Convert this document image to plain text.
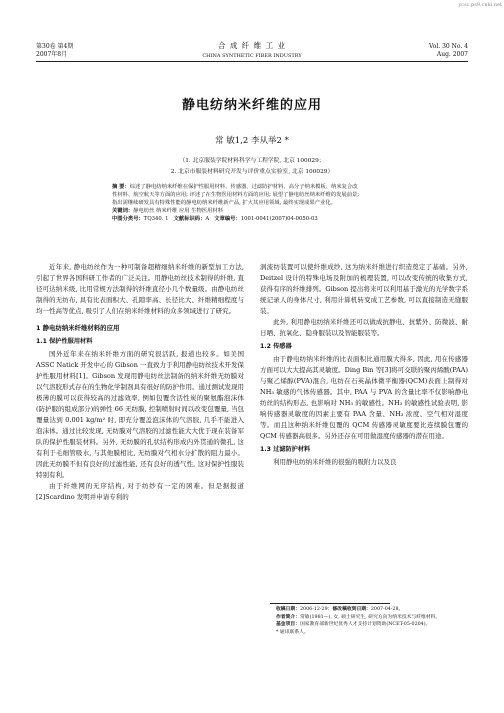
ycsc.ps9.cnki.net
第30卷 第4期
2007年8月
合 成 纤 维 工 业
CHINA SYNTHETIC FIBER INDUSTRY
Vol. 30 No. 4
Aug. 2007
静电纺纳米纤维的应用
常 敏1,2 李从举2 *
（1. 北京服装学院材料科学与工程学院, 北京 100029；
2. 北京市服装材料研究开发与评价重点实验室, 北京 100029）
摘 要：综述了静电纺纳米纤维在保护性服用材料、传感器、过滤防护材料、高分子纳米模板、纳米复合改
性材料、航空航天等方面的应用; 评述了在生物医用材料方面的应用; 展望了静电纺丝纳米纤维的发展前景;
指出需继续研发具有特殊性能的静电纺纳米纤维新产品, 扩大其应用领域, 最终实现成果产业化。
关键词：静电纺丝 纳米纤维 应用 生物医用材料
中图分类号：TQ340. 1 文献标识码：A 文章编号：1001-0041(2007)04-0050-03

近年来, 静电纺丝作为一种可制备超精细纳米纤维的新型加工方法, 引起了世界各国科研工作者的广泛关注。用静电纺丝技术制得的纤维, 直径可达纳米级, 比用常规方法制得的纤维直径小几个数量级。由静电纺丝制得的无纺布, 具有比表面积大、孔隙率高、长径比大、纤维精细程度与均一性高等优点, 吸引了人们在纳米纤维材料的众多领域进行了研究。

1 静电纺纳米纤维材料的应用
1.1 保护性服用材料

国外近年来在纳米纤维方面的研究很活跃, 报道也较多。如美国 ASSC Natick 开发中心的 Gibson 一直致力于利用静电纺丝技术开发保护性服用材料[1]。Gibson 发现用静电纺丝法制备的纳米纤维无纺膜对以气溶胶形式存在的生物化学制剂具有很好的防护作用。通过测试发现用极薄的膜可以获得较高的过滤效率, 例如包覆含活性炭的聚氨酯泡沫体(防护服的组成部分)的弹性 66 无纺膜, 控制喷射时间以改变包覆量, 当包覆量达到 0.001 kg/m² 时, 即充分覆盖泡沫体的气溶胶, 几乎不能进入泡沫体。通过比较发现, 无纺膜对气溶胶的过滤性能大大优于现在装备军队的保护性服装材料。另外, 无纺膜的孔状结构形成内外贯通的微孔, 这有利于毛细管吸水, 与其他膜相比, 无纺膜对气相水分扩散的阻力最小。因此无纺膜不但有良好的过滤性能, 还有良好的透气性, 这对保护性服装特别有利。

由于纤维网的无序结构, 对于纺纱有一定的困难。但是据报道[2]Scardino 发明并申请专利的

涡流纺装置可以使纤维成纱, 这为纳米纤维进行织造奠定了基础。另外, Deitzel 设计的特殊电场及附加的梳理装置, 可以改变传统的收集方式, 获得有序的纤维排列。Gibson 提出将来可以利用基于激光的光学数字系统记录人的身体尺寸, 利用计算机转变成工艺参数, 可以直接制造无缝服装。

此外, 利用静电纺纳米纤维还可以做成抗静电、抗紫外、防微波、耐日晒、抗氧化、隐身服装以及智能服装等。

1.2 传感器

由于静电纺纳米纤维的比表面积比通用膜大得多, 因此, 用在传感器方面可以大大提高其灵敏度。Ding Bin 等[3]将可交联的聚丙烯酸(PAA)与聚乙烯醇(PVA)混合, 电纺在石英晶体微平衡器(QCM)表面上制得对 NH₃ 敏感的气体传感器。其中, PAA 与 PVA 的含量比率不仅影响静电纺丝的结构形态, 也影响对 NH₃ 的敏感性。NH₃ 的敏感性试验表明, 影响传感器灵敏度的因素主要有 PAA 含量、NH₃ 浓度、空气相对湿度等。而且这种纳米纤维包覆的 QCM 传感器灵敏度要比连续膜包覆的 QCM 传感器高很多。另外还存在可用做湿度传感器的潜在用途。

1.3 过滤防护材料

利用静电纺纳米纤维的很强的吸附力以及良

收稿日期：2006-12-29；修改稿收到日期：2007-04-28。
作者简介：常敏(1981—), 女, 硕士研究生, 研究方向为纳米技术与纤维材料。
基金项目：国家教育部新世纪优秀人才支持计划资助(NCET-05-0204)。
* 通讯联系人。
